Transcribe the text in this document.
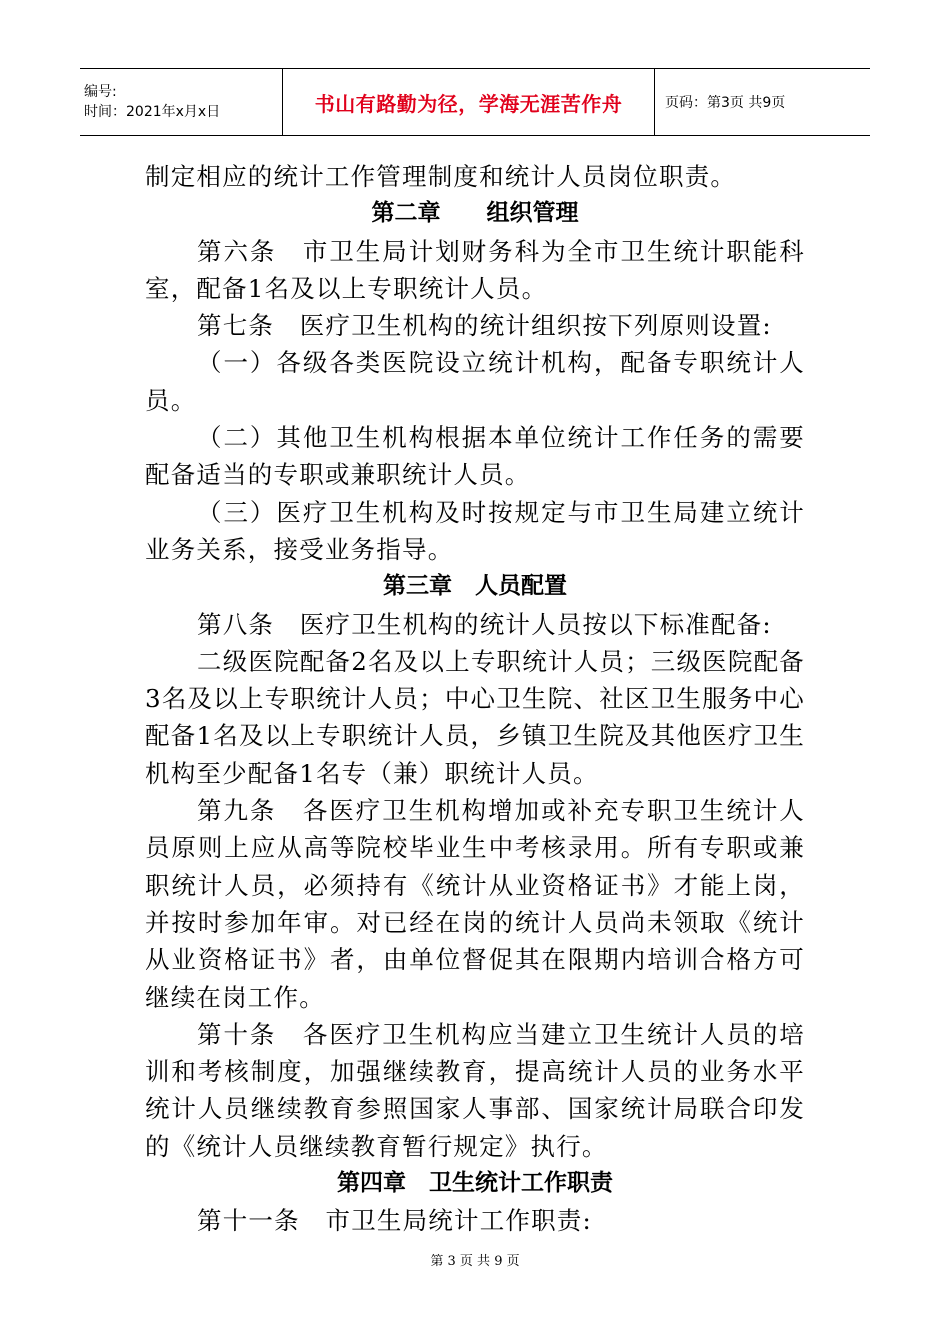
编号:
时间：2021年x月x日	书山有路勤为径，学海无涯苦作舟	页码：第3页 共9页

制定相应的统计工作管理制度和统计人员岗位职责。

第二章　　组织管理

第六条　市卫生局计划财务科为全市卫生统计职能科室，配备1名及以上专职统计人员。

第七条　医疗卫生机构的统计组织按下列原则设置:

（一）各级各类医院设立统计机构，配备专职统计人员。

（二）其他卫生机构根据本单位统计工作任务的需要配备适当的专职或兼职统计人员。

（三）医疗卫生机构及时按规定与市卫生局建立统计业务关系，接受业务指导。

第三章　人员配置

第八条　医疗卫生机构的统计人员按以下标准配备:

二级医院配备2名及以上专职统计人员；三级医院配备3名及以上专职统计人员；中心卫生院、社区卫生服务中心配备1名及以上专职统计人员，乡镇卫生院及其他医疗卫生机构至少配备1名专（兼）职统计人员。

第九条　各医疗卫生机构增加或补充专职卫生统计人员原则上应从高等院校毕业生中考核录用。所有专职或兼职统计人员，必须持有《统计从业资格证书》才能上岗，并按时参加年审。对已经在岗的统计人员尚未领取《统计从业资格证书》者，由单位督促其在限期内培训合格方可继续在岗工作。

第十条　各医疗卫生机构应当建立卫生统计人员的培训和考核制度，加强继续教育，提高统计人员的业务水平统计人员继续教育参照国家人事部、国家统计局联合印发的《统计人员继续教育暂行规定》执行。

第四章　卫生统计工作职责

第十一条　市卫生局统计工作职责:

第 3 页 共 9 页
